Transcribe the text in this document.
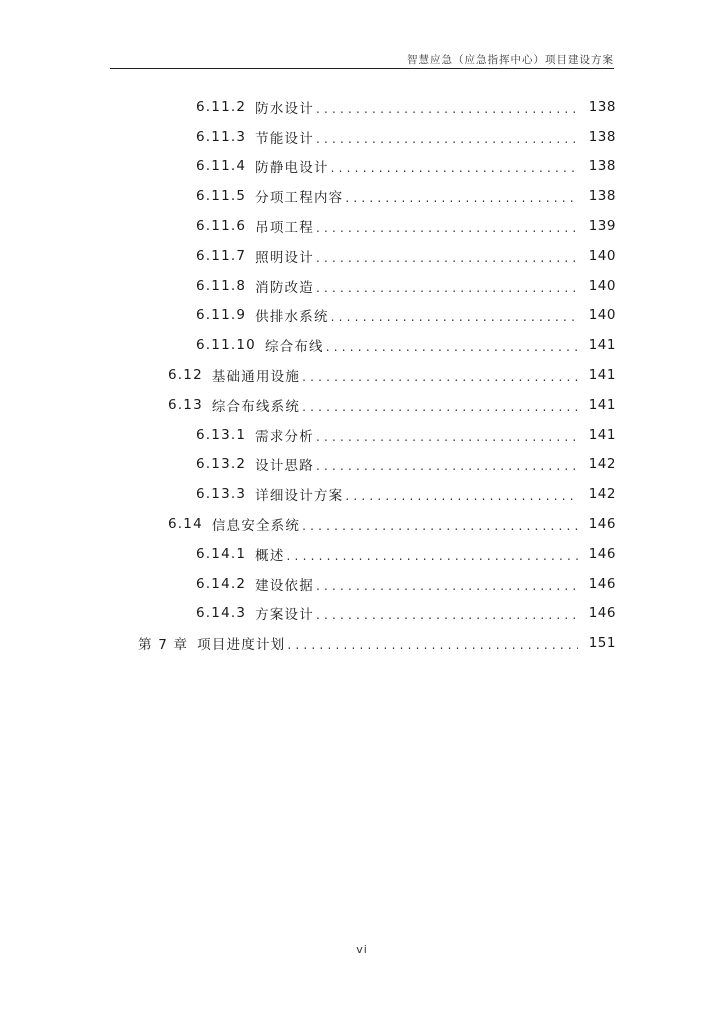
智慧应急（应急指挥中心）项目建设方案
6.11.2 防水设计 .....	138
6.11.3 节能设计 .....	138
6.11.4 防静电设计 .....	138
6.11.5 分项工程内容 .....	138
6.11.6 吊项工程 .....	139
6.11.7 照明设计 .....	140
6.11.8 消防改造 .....	140
6.11.9 供排水系统 .....	140
6.11.10 综合布线 .....	141
6.12 基础通用设施 .....	141
6.13 综合布线系统 .....	141
6.13.1 需求分析 .....	141
6.13.2 设计思路 .....	142
6.13.3 详细设计方案 .....	142
6.14 信息安全系统 .....	146
6.14.1 概述 .....	146
6.14.2 建设依据 .....	146
6.14.3 方案设计 .....	146
第 7 章 项目进度计划 .....	151
vi
